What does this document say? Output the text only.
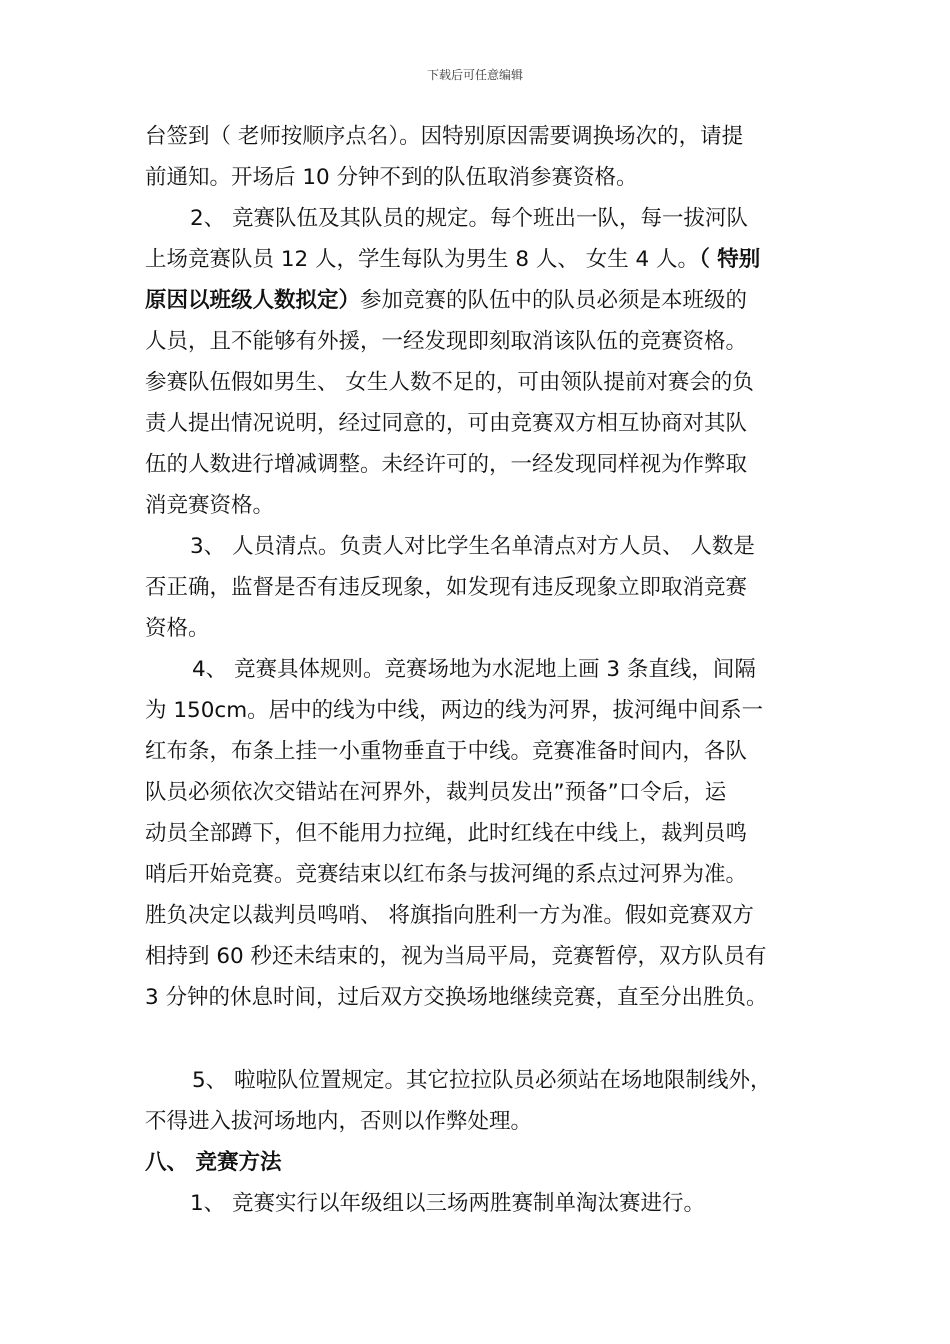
下载后可任意编辑
台签到（ 老师按顺序点名）。因特别原因需要调换场次的，请提
前通知。开场后 10 分钟不到的队伍取消参赛资格。
2、 竞赛队伍及其队员的规定。每个班出一队，每一拔河队
上场竞赛队员 12 人，学生每队为男生 8 人、 女生 4 人。（ 特别
原因以班级人数拟定）参加竞赛的队伍中的队员必须是本班级的
人员，且不能够有外援，一经发现即刻取消该队伍的竞赛资格。
参赛队伍假如男生、 女生人数不足的，可由领队提前对赛会的负
责人提出情况说明，经过同意的，可由竞赛双方相互协商对其队
伍的人数进行增减调整。未经许可的，一经发现同样视为作弊取
消竞赛资格。
3、 人员清点。负责人对比学生名单清点对方人员、 人数是
否正确，监督是否有违反现象，如发现有违反现象立即取消竞赛
资格。
4、 竞赛具体规则。竞赛场地为水泥地上画 3 条直线，间隔
为 150cm。居中的线为中线，两边的线为河界，拔河绳中间系一
红布条，布条上挂一小重物垂直于中线。竞赛准备时间内，各队
队员必须依次交错站在河界外，裁判员发出”预备”口令后，运
动员全部蹲下，但不能用力拉绳，此时红线在中线上，裁判员鸣
哨后开始竞赛。竞赛结束以红布条与拔河绳的系点过河界为准。
胜负决定以裁判员鸣哨、 将旗指向胜利一方为准。假如竞赛双方
相持到 60 秒还未结束的，视为当局平局，竞赛暂停，双方队员有
3 分钟的休息时间，过后双方交换场地继续竞赛，直至分出胜负。
5、 啦啦队位置规定。其它拉拉队员必须站在场地限制线外，
不得进入拔河场地内，否则以作弊处理。
八、 竞赛方法
1、 竞赛实行以年级组以三场两胜赛制单淘汰赛进行。
